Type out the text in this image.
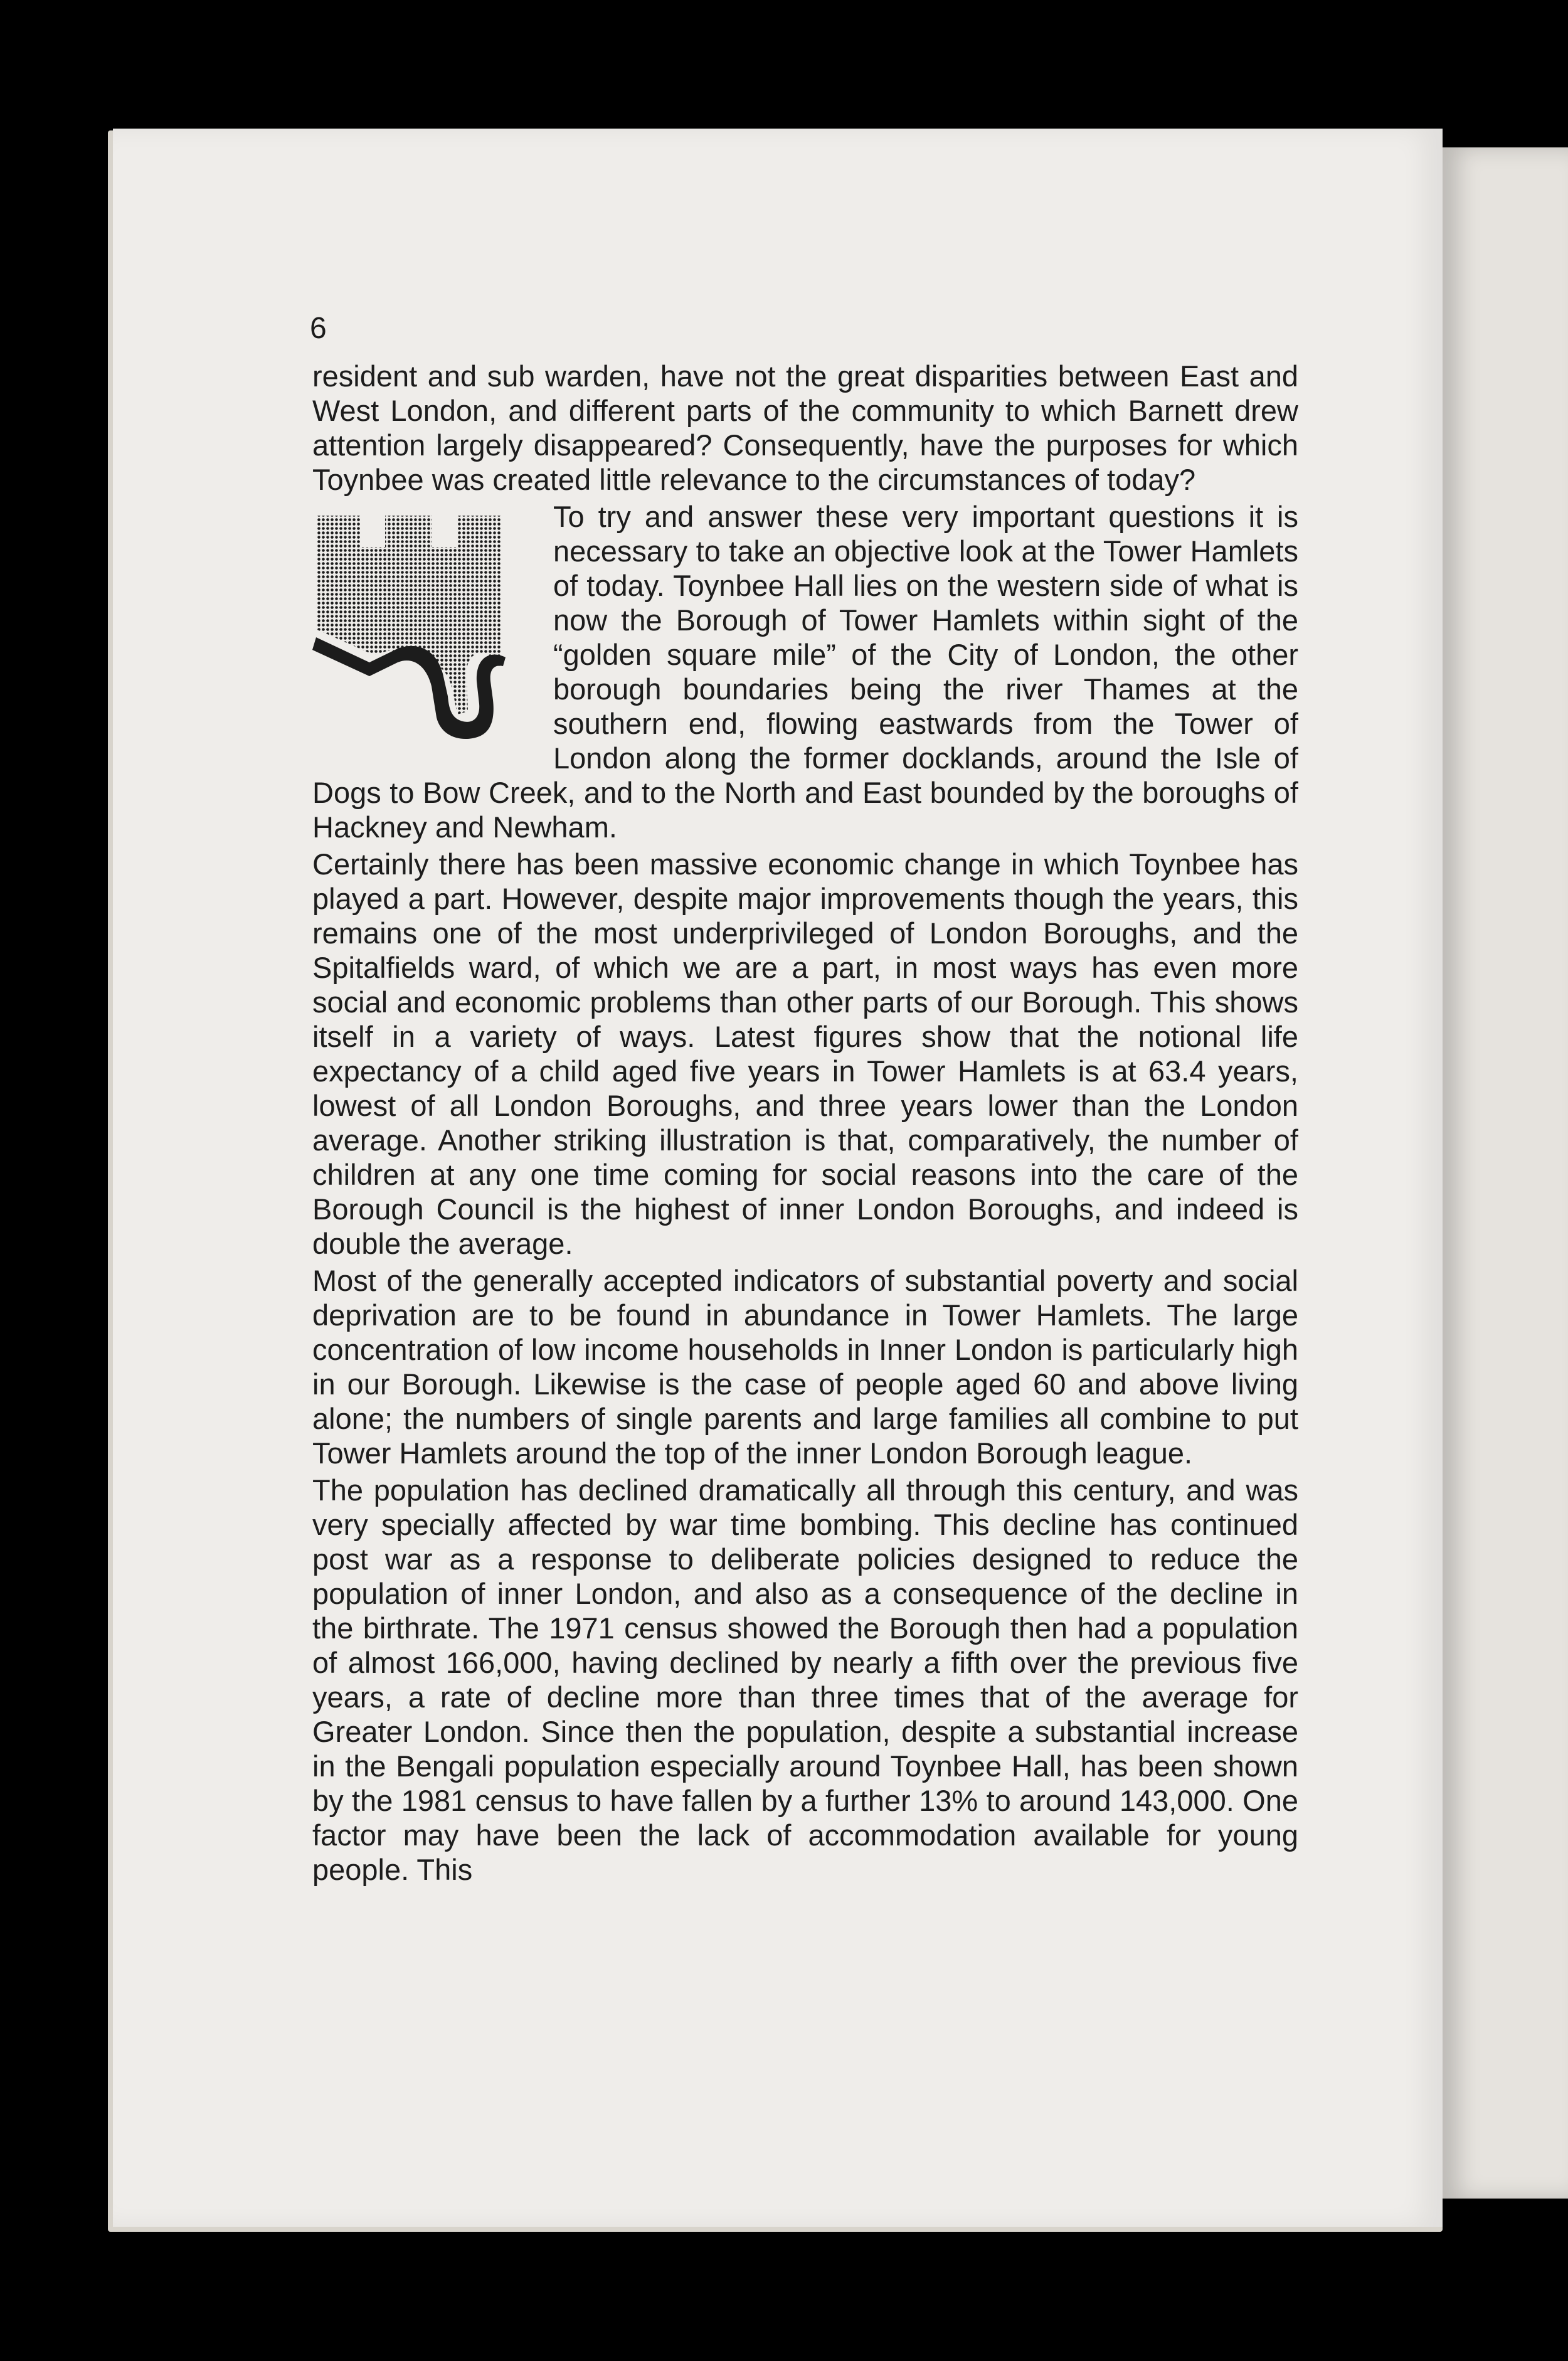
6

resident and sub warden, have not the great disparities between East and West London, and different parts of the community to which Barnett drew attention largely disappeared? Consequently, have the purposes for which Toynbee was created little relevance to the circumstances of today?

To try and answer these very important questions it is necessary to take an objective look at the Tower Hamlets of today. Toynbee Hall lies on the western side of what is now the Borough of Tower Hamlets within sight of the “golden square mile” of the City of London, the other borough boundaries being the river Thames at the southern end, flowing eastwards from the Tower of London along the former docklands, around the Isle of Dogs to Bow Creek, and to the North and East bounded by the boroughs of Hackney and Newham.

Certainly there has been massive economic change in which Toynbee has played a part. However, despite major improvements though the years, this remains one of the most underprivileged of London Boroughs, and the Spitalfields ward, of which we are a part, in most ways has even more social and economic problems than other parts of our Borough. This shows itself in a variety of ways. Latest figures show that the notional life expectancy of a child aged five years in Tower Hamlets is at 63.4 years, lowest of all London Boroughs, and three years lower than the London average. Another striking illustration is that, comparatively, the number of children at any one time coming for social reasons into the care of the Borough Council is the highest of inner London Boroughs, and indeed is double the average.

Most of the generally accepted indicators of substantial poverty and social deprivation are to be found in abundance in Tower Hamlets. The large concentration of low income households in Inner London is particularly high in our Borough. Likewise is the case of people aged 60 and above living alone; the numbers of single parents and large families all combine to put Tower Hamlets around the top of the inner London Borough league.

The population has declined dramatically all through this century, and was very specially affected by war time bombing. This decline has continued post war as a response to deliberate policies designed to reduce the population of inner London, and also as a consequence of the decline in the birthrate. The 1971 census showed the Borough then had a population of almost 166,000, having declined by nearly a fifth over the previous five years, a rate of decline more than three times that of the average for Greater London. Since then the population, despite a substantial increase in the Bengali population especially around Toynbee Hall, has been shown by the 1981 census to have fallen by a further 13% to around 143,000. One factor may have been the lack of accommodation available for young people. This
